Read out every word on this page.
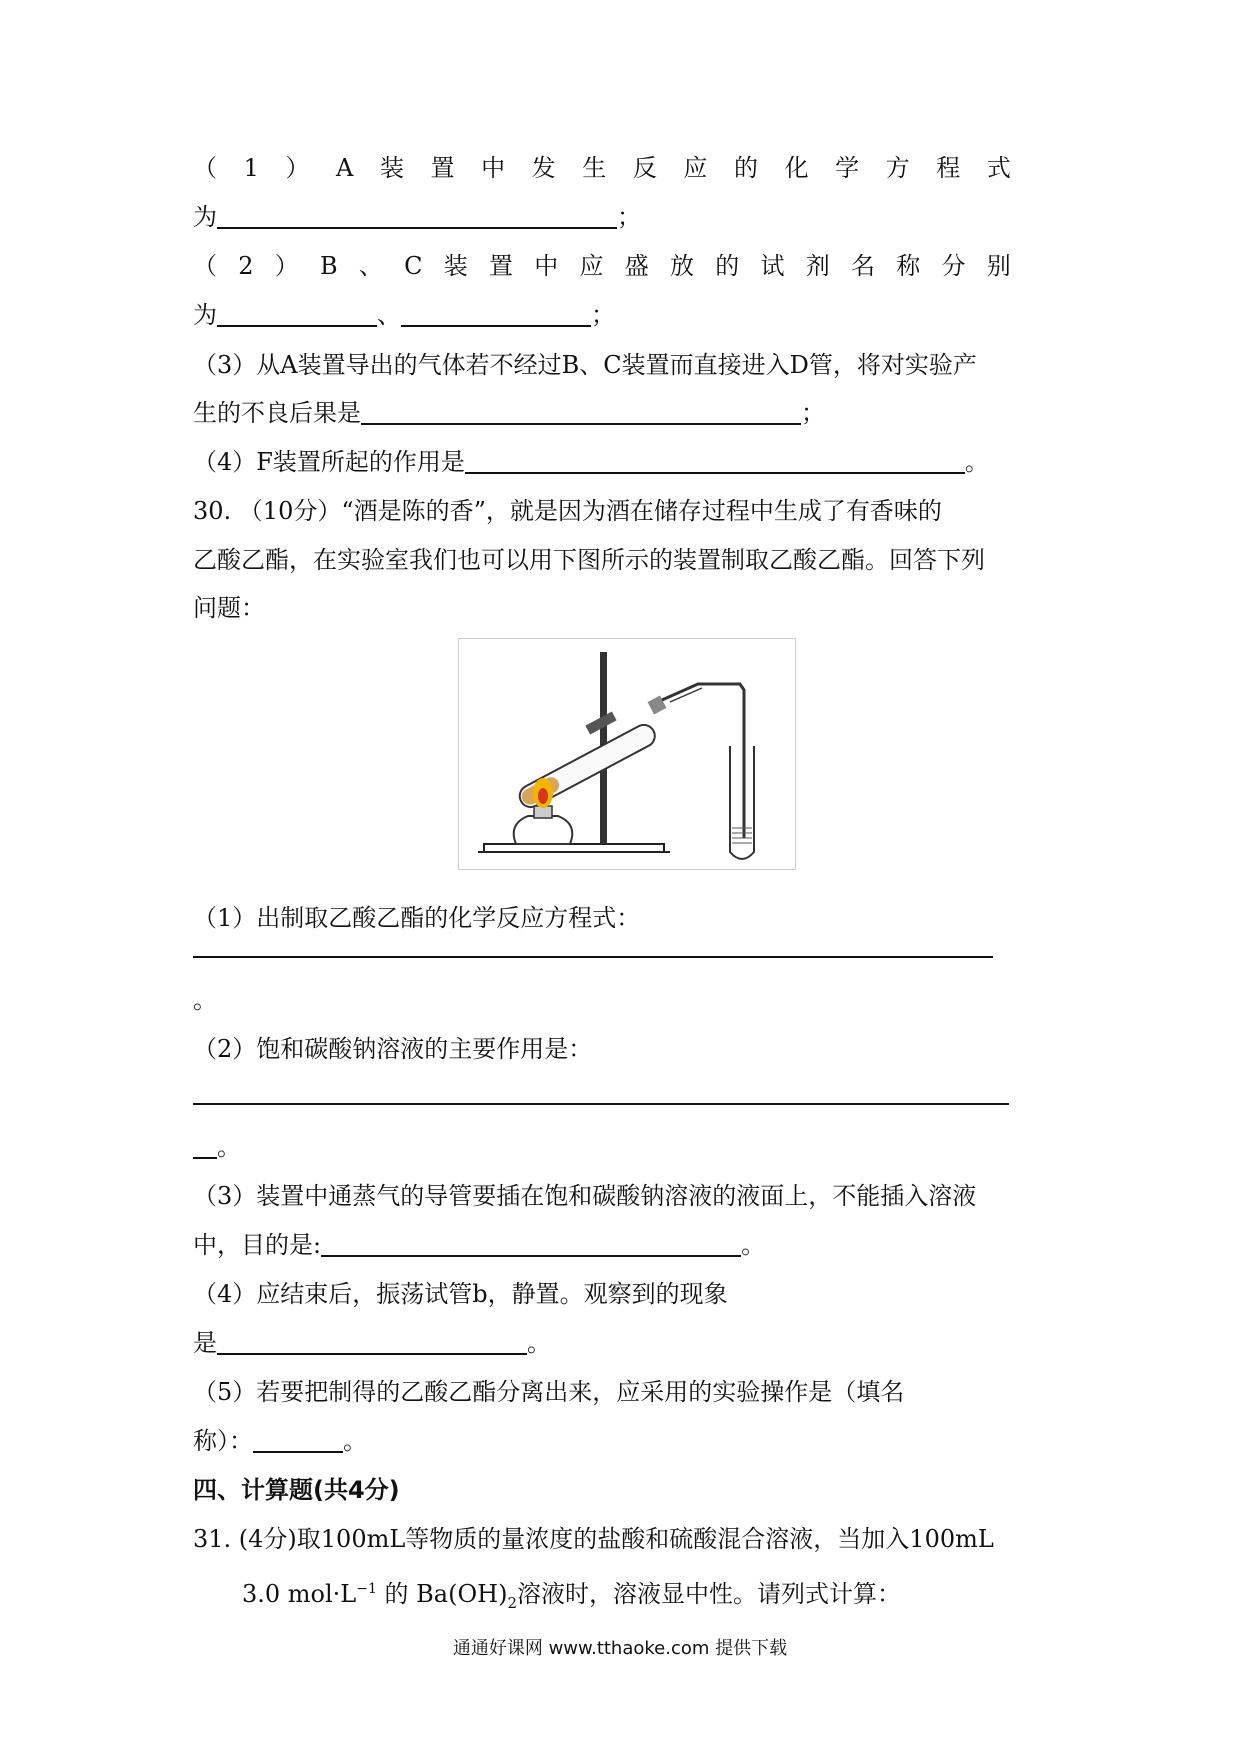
（ 1 ） A 装 置 中 发 生 反 应 的 化 学 方 程 式
为	；
（ 2 ） B 、 C 装 置 中 应 盛 放 的 试 剂 名 称 分 别
为	、	；
（3）从A装置导出的气体若不经过B、C装置而直接进入D管，将对实验产
生的不良后果是	；
（4）F装置所起的作用是	。
30. （10分）“酒是陈的香”，就是因为酒在储存过程中生成了有香味的
乙酸乙酯，在实验室我们也可以用下图所示的装置制取乙酸乙酯。回答下列
问题：
（1）出制取乙酸乙酯的化学反应方程式：
。
（2）饱和碳酸钠溶液的主要作用是：
。
（3）装置中通蒸气的导管要插在饱和碳酸钠溶液的液面上，不能插入溶液
中，目的是:	。
（4）应结束后，振荡试管b，静置。观察到的现象
是	。
（5）若要把制得的乙酸乙酯分离出来，应采用的实验操作是（填名
称）：	。
四、计算题(共4分)
31. (4分)取100mL等物质的量浓度的盐酸和硫酸混合溶液，当加入100mL
3.0 $mol\cdot L^{-1}$ 的 $Ba(OH)_2$溶液时，溶液显中性。请列式计算：
通通好课网 www.tthaoke.com 提供下载
